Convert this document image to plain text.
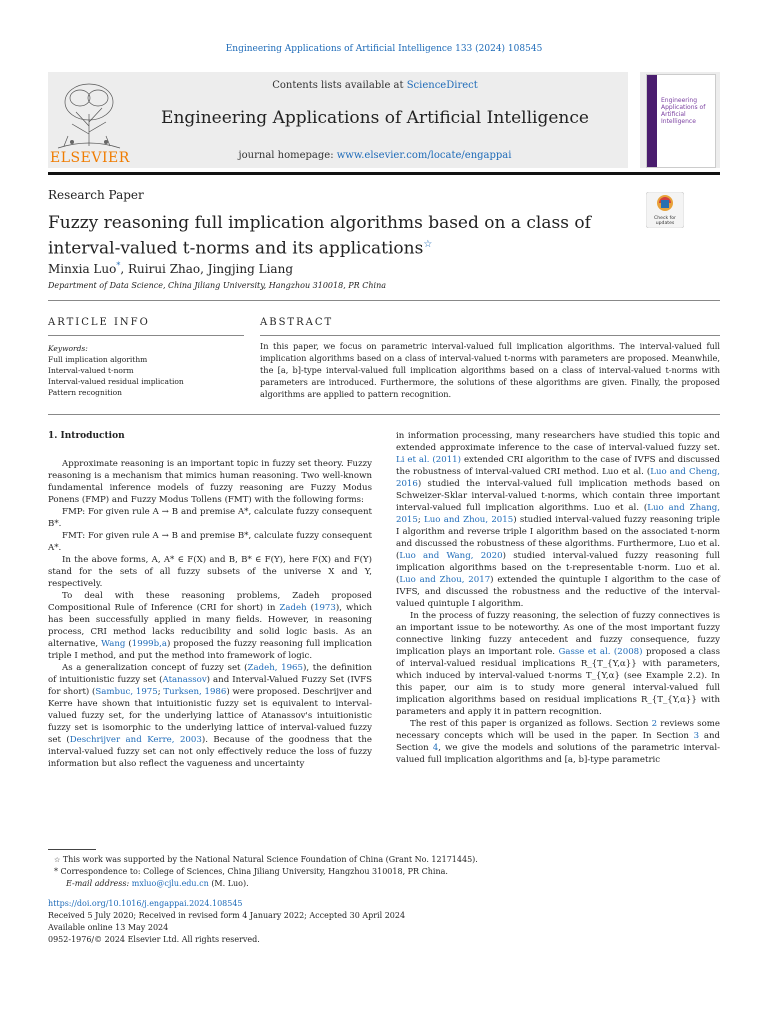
Engineering Applications of Artificial Intelligence 133 (2024) 108545
ELSEVIER
Contents lists available at ScienceDirect
Engineering Applications of Artificial Intelligence
journal homepage: www.elsevier.com/locate/engappai
Engineering Applications of Artificial Intelligence
Research Paper
Fuzzy reasoning full implication algorithms based on a class of interval-valued t-norms and its applications☆
Check for
updates
Minxia Luo*, Ruirui Zhao, Jingjing Liang
Department of Data Science, China Jiliang University, Hangzhou 310018, PR China
ARTICLE INFO	ABSTRACT
Keywords:
Full implication algorithm
Interval-valued t-norm
Interval-valued residual implication
Pattern recognition
In this paper, we focus on parametric interval-valued full implication algorithms. The interval-valued full implication algorithms based on a class of interval-valued t-norms with parameters are proposed. Meanwhile, the [a, b]-type interval-valued full implication algorithms based on a class of interval-valued t-norms with parameters are introduced. Furthermore, the solutions of these algorithms are given. Finally, the proposed algorithms are applied to pattern recognition.
1. Introduction

Approximate reasoning is an important topic in fuzzy set theory. Fuzzy reasoning is a mechanism that mimics human reasoning. Two well-known fundamental inference models of fuzzy reasoning are Fuzzy Modus Ponens (FMP) and Fuzzy Modus Tollens (FMT) with the following forms:

FMP: For given rule A → B and premise A*, calculate fuzzy consequent B*.

FMT: For given rule A → B and premise B*, calculate fuzzy consequent A*.

In the above forms, A, A* ∈ F(X) and B, B* ∈ F(Y), here F(X) and F(Y) stand for the sets of all fuzzy subsets of the universe X and Y, respectively.

To deal with these reasoning problems, Zadeh proposed Compositional Rule of Inference (CRI for short) in Zadeh (1973), which has been successfully applied in many fields. However, in reasoning process, CRI method lacks reducibility and solid logic basis. As an alternative, Wang (1999b,a) proposed the fuzzy reasoning full implication triple I method, and put the method into framework of logic.

As a generalization concept of fuzzy set (Zadeh, 1965), the definition of intuitionistic fuzzy set (Atanassov) and Interval-Valued Fuzzy Set (IVFS for short) (Sambuc, 1975; Turksen, 1986) were proposed. Deschrijver and Kerre have shown that intuitionistic fuzzy set is equivalent to interval-valued fuzzy set, for the underlying lattice of Atanassov's intuitionistic fuzzy set is isomorphic to the underlying lattice of interval-valued fuzzy set (Deschrijver and Kerre, 2003). Because of the goodness that the interval-valued fuzzy set can not only effectively reduce the loss of fuzzy information but also reflect the vagueness and uncertainty

in information processing, many researchers have studied this topic and extended approximate inference to the case of interval-valued fuzzy set. Li et al. (2011) extended CRI algorithm to the case of IVFS and discussed the robustness of interval-valued CRI method. Luo et al. (Luo and Cheng, 2016) studied the interval-valued full implication methods based on Schweizer-Sklar interval-valued t-norms, which contain three important interval-valued full implication algorithms. Luo et al. (Luo and Zhang, 2015; Luo and Zhou, 2015) studied interval-valued fuzzy reasoning triple I algorithm and reverse triple I algorithm based on the associated t-norm and discussed the robustness of these algorithms. Furthermore, Luo et al. (Luo and Wang, 2020) studied interval-valued fuzzy reasoning full implication algorithms based on the t-representable t-norm. Luo et al. (Luo and Zhou, 2017) extended the quintuple I algorithm to the case of IVFS, and discussed the robustness and the reductive of the interval-valued quintuple I algorithm.

In the process of fuzzy reasoning, the selection of fuzzy connectives is an important issue to be noteworthy. As one of the most important fuzzy connective linking fuzzy antecedent and fuzzy consequence, fuzzy implication plays an important role. Gasse et al. (2008) proposed a class of interval-valued residual implications R_{T_{Y,α}} with parameters, which induced by interval-valued t-norms T_{Y,α} (see Example 2.2). In this paper, our aim is to study more general interval-valued full implication algorithms based on residual implications R_{T_{Y,α}} with parameters and apply it in pattern recognition.

The rest of this paper is organized as follows. Section 2 reviews some necessary concepts which will be used in the paper. In Section 3 and Section 4, we give the models and solutions of the parametric interval-valued full implication algorithms and [a, b]-type parametric

☆ This work was supported by the National Natural Science Foundation of China (Grant No. 12171445).
* Correspondence to: College of Sciences, China Jiliang University, Hangzhou 310018, PR China.
E-mail address: mxluo@cjlu.edu.cn (M. Luo).
https://doi.org/10.1016/j.engappai.2024.108545
Received 5 July 2020; Received in revised form 4 January 2022; Accepted 30 April 2024
Available online 13 May 2024
0952-1976/© 2024 Elsevier Ltd. All rights reserved.
